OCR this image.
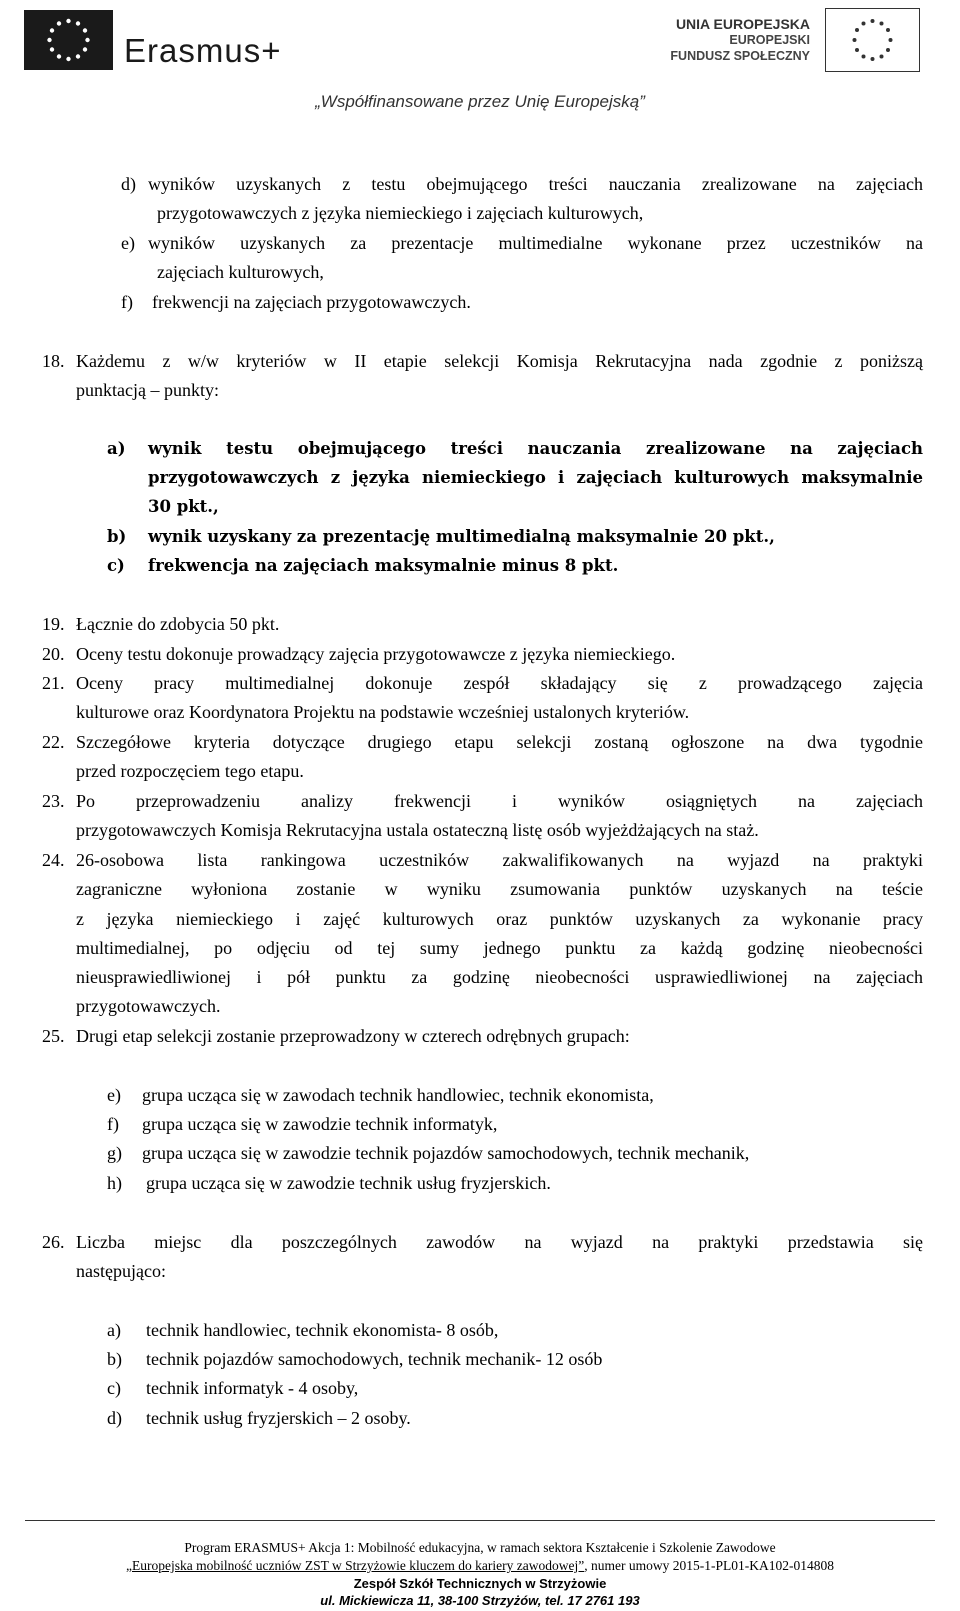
Erasmus+
UNIA EUROPEJSKA
EUROPEJSKI
FUNDUSZ SPOŁECZNY
„Współfinansowane przez Unię Europejską”
d) wyników uzyskanych z testu obejmującego treści nauczania zrealizowane na zajęciach
przygotowawczych z języka niemieckiego i zajęciach kulturowych,
e) wyników uzyskanych za prezentacje multimedialne wykonane przez uczestników na
zajęciach kulturowych,
f) frekwencji na zajęciach przygotowawczych.
18. Każdemu z w/w kryteriów w II etapie selekcji Komisja Rekrutacyjna nada zgodnie z poniższą
punktacją – punkty:
a) wynik testu obejmującego treści nauczania zrealizowane na zajęciach
przygotowawczych z języka niemieckiego i zajęciach kulturowych maksymalnie
30 pkt.,
b) wynik uzyskany za prezentację multimedialną maksymalnie 20 pkt.,
c) frekwencja na zajęciach maksymalnie minus 8 pkt.
19. Łącznie do zdobycia 50 pkt.
20. Oceny testu dokonuje prowadzący zajęcia przygotowawcze z języka niemieckiego.
21. Oceny pracy multimedialnej dokonuje zespół składający się z prowadzącego zajęcia
kulturowe oraz Koordynatora Projektu na podstawie wcześniej ustalonych kryteriów.
22. Szczegółowe kryteria dotyczące drugiego etapu selekcji zostaną ogłoszone na dwa tygodnie
przed rozpoczęciem tego etapu.
23. Po przeprowadzeniu analizy frekwencji i wyników osiągniętych na zajęciach
przygotowawczych Komisja Rekrutacyjna ustala ostateczną listę osób wyjeżdżających na staż.
24. 26-osobowa lista rankingowa uczestników zakwalifikowanych na wyjazd na praktyki
zagraniczne wyłoniona zostanie w wyniku zsumowania punktów uzyskanych na teście
z języka niemieckiego i zajęć kulturowych oraz punktów uzyskanych za wykonanie pracy
multimedialnej, po odjęciu od tej sumy jednego punktu za każdą godzinę nieobecności
nieusprawiedliwionej i pół punktu za godzinę nieobecności usprawiedliwionej na zajęciach
przygotowawczych.
25. Drugi etap selekcji zostanie przeprowadzony w czterech odrębnych grupach:
e) grupa ucząca się w zawodach technik handlowiec, technik ekonomista,
f) grupa ucząca się w zawodzie technik informatyk,
g) grupa ucząca się w zawodzie technik pojazdów samochodowych, technik mechanik,
h) grupa ucząca się w zawodzie technik usług fryzjerskich.
26. Liczba miejsc dla poszczególnych zawodów na wyjazd na praktyki przedstawia się
następująco:
a) technik handlowiec, technik ekonomista- 8 osób,
b) technik pojazdów samochodowych, technik mechanik- 12 osób
c) technik informatyk - 4 osoby,
d) technik usług fryzjerskich – 2 osoby.
Program ERASMUS+ Akcja 1: Mobilność edukacyjna, w ramach sektora Kształcenie i Szkolenie Zawodowe
„Europejska mobilność uczniów ZST w Strzyżowie kluczem do kariery zawodowej”, numer umowy 2015-1-PL01-KA102-014808
Zespół Szkół Technicznych w Strzyżowie
ul. Mickiewicza 11, 38-100 Strzyżów, tel. 17 2761 193
